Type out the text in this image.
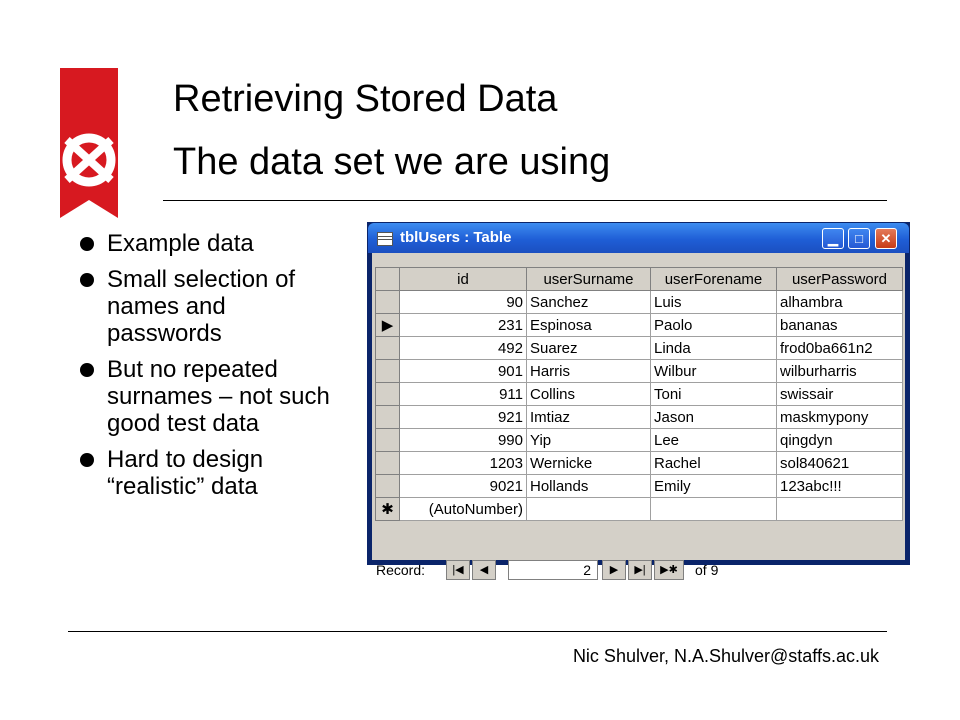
Retrieving Stored Data
The data set we are using
Example data
Small selection of names and passwords
But no repeated surnames – not such good test data
Hard to design “realistic” data
tblUsers : Table	▁	□	✕
	id	userSurname	userForename	userPassword
	90	Sanchez	Luis	alhambra
▶	231	Espinosa	Paolo	bananas
	492	Suarez	Linda	frod0ba661n2
	901	Harris	Wilbur	wilburharris
	911	Collins	Toni	swissair
	921	Imtiaz	Jason	maskmypony
	990	Yip	Lee	qingdyn
	1203	Wernicke	Rachel	sol840621
	9021	Hollands	Emily	123abc!!!
✱	(AutoNumber)			
Record:	|◀	◀	2	▶	▶|	▶✱	of 9
Nic Shulver, N.A.Shulver@staffs.ac.uk
